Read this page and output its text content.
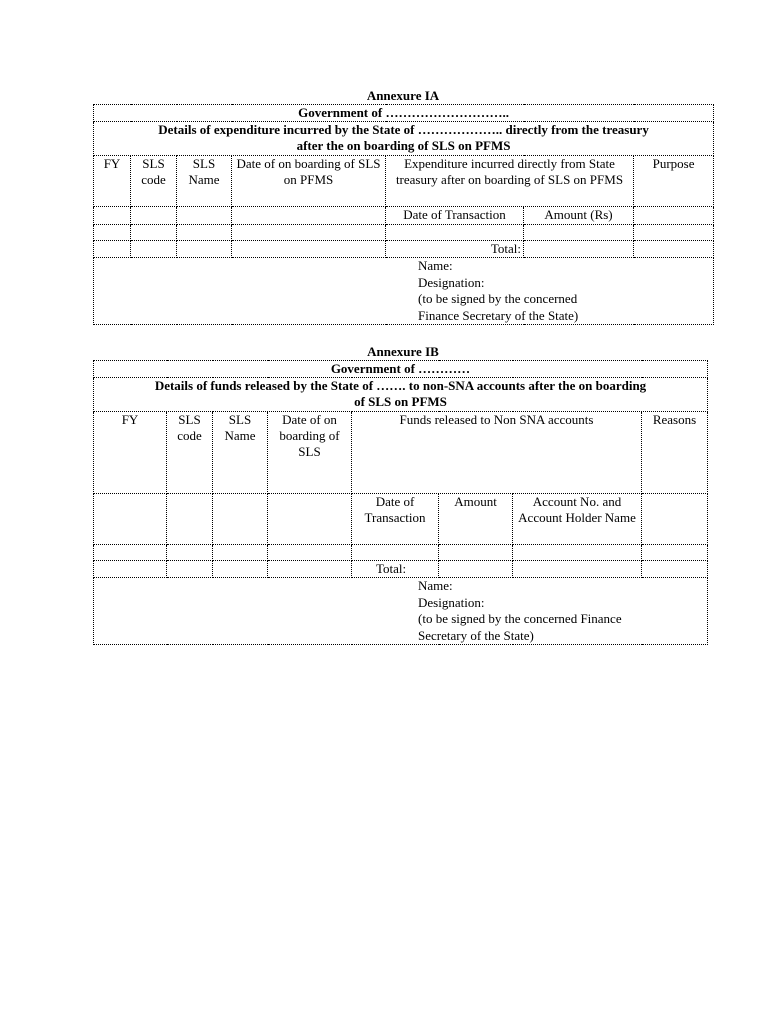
Annexure IA
Government of ………………………..						

Details of expenditure incurred by the State of ……………….. directly from the treasury
after the on boarding of SLS on PFMS						

FY	SLS code	SLS Name	Date of on boarding of SLS on PFMS	Expenditure incurred directly from State treasury after on boarding of SLS on PFMS		Purpose
				Date of Transaction	Amount (Rs)	

				Total:		

Name:
Designation:
(to be signed by the concerned
Finance Secretary of the State)						
Annexure IB
Government of …………							

Details of funds released by the State of ……. to non-SNA accounts after the on boarding
of SLS on PFMS							

FY	SLS code	SLS Name	Date of on boarding of SLS	Funds released to Non SNA accounts			Reasons
				Date of Transaction	Amount	Account No. and Account Holder Name	

				Total:			

Name:
Designation:
(to be signed by the concerned Finance
Secretary of the State)							
